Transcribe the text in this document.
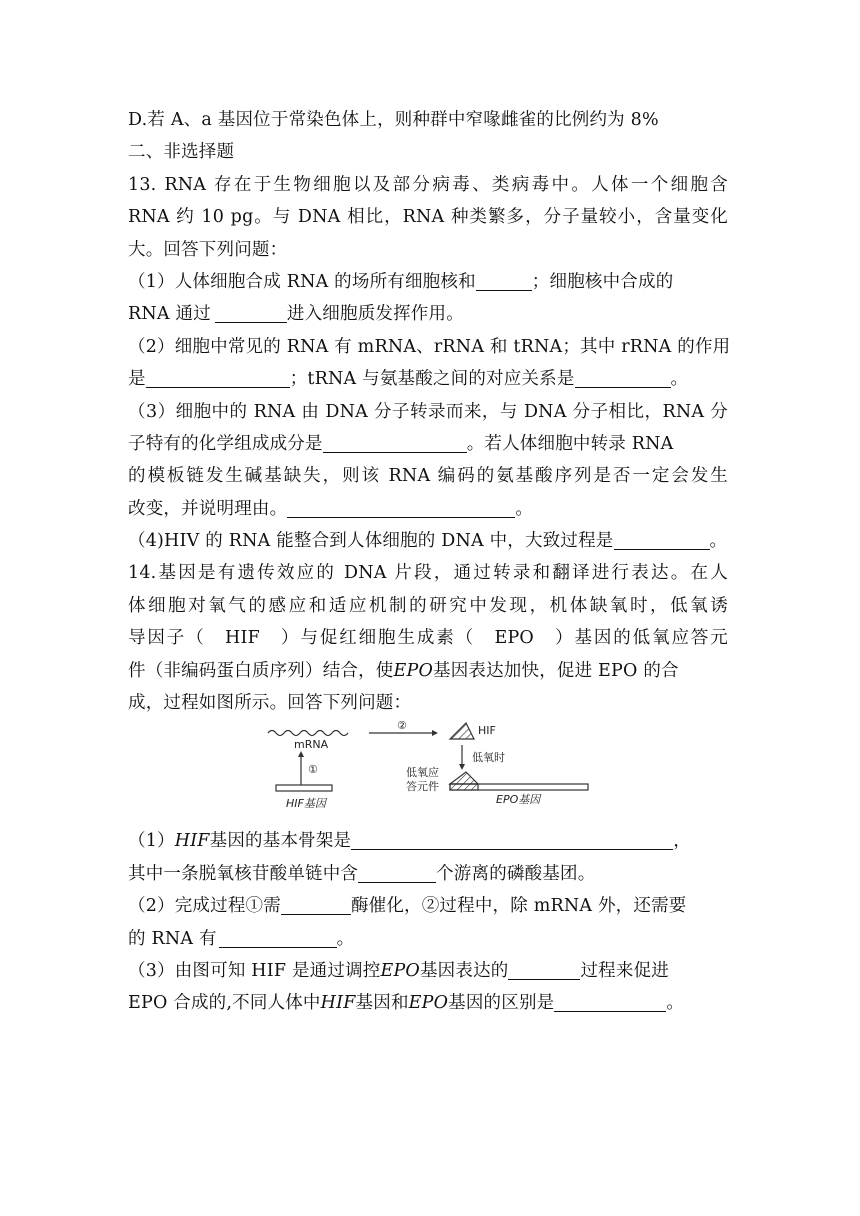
D.若 A、a 基因位于常染色体上，则种群中窄喙雌雀的比例约为 8%
二、非选择题
13. RNA 存在于生物细胞以及部分病毒、类病毒中。人体一个细胞含
RNA 约 10 pg。与 DNA 相比，RNA 种类繁多，分子量较小，含量变化
大。回答下列问题：
（1）人体细胞合成 RNA 的场所有细胞核和	；细胞核中合成的
RNA 通过	进入细胞质发挥作用。
（2）细胞中常见的 RNA 有 mRNA、rRNA 和 tRNA；其中 rRNA 的作用
是	；tRNA 与氨基酸之间的对应关系是	。
（3）细胞中的 RNA 由 DNA 分子转录而来，与 DNA 分子相比，RNA 分
子特有的化学组成成分是	。若人体细胞中转录 RNA
的模板链发生碱基缺失，则该 RNA 编码的氨基酸序列是否一定会发生
改变，并说明理由。	。
（4)HIV 的 RNA 能整合到人体细胞的 DNA 中，大致过程是	。
14.基因是有遗传效应的 DNA 片段，通过转录和翻译进行表达。在人
体细胞对氧气的感应和适应机制的研究中发现，机体缺氧时，低氧诱
导因子（　HIF　）与促红细胞生成素（　EPO　）基因的低氧应答元
件（非编码蛋白质序列）结合，使EPO基因表达加快，促进 EPO 的合
成，过程如图所示。回答下列问题：
mRNA
①
HIF基因
②	HIF
低氧时
低氧应
答元件
EPO基因
（1）HIF基因的基本骨架是	，
其中一条脱氧核苷酸单链中含	个游离的磷酸基团。
（2）完成过程①需	酶催化，②过程中，除 mRNA 外，还需要
的 RNA 有	。
（3）由图可知 HIF 是通过调控EPO基因表达的	过程来促进
EPO 合成的,不同人体中HIF基因和EPO基因的区别是	。
